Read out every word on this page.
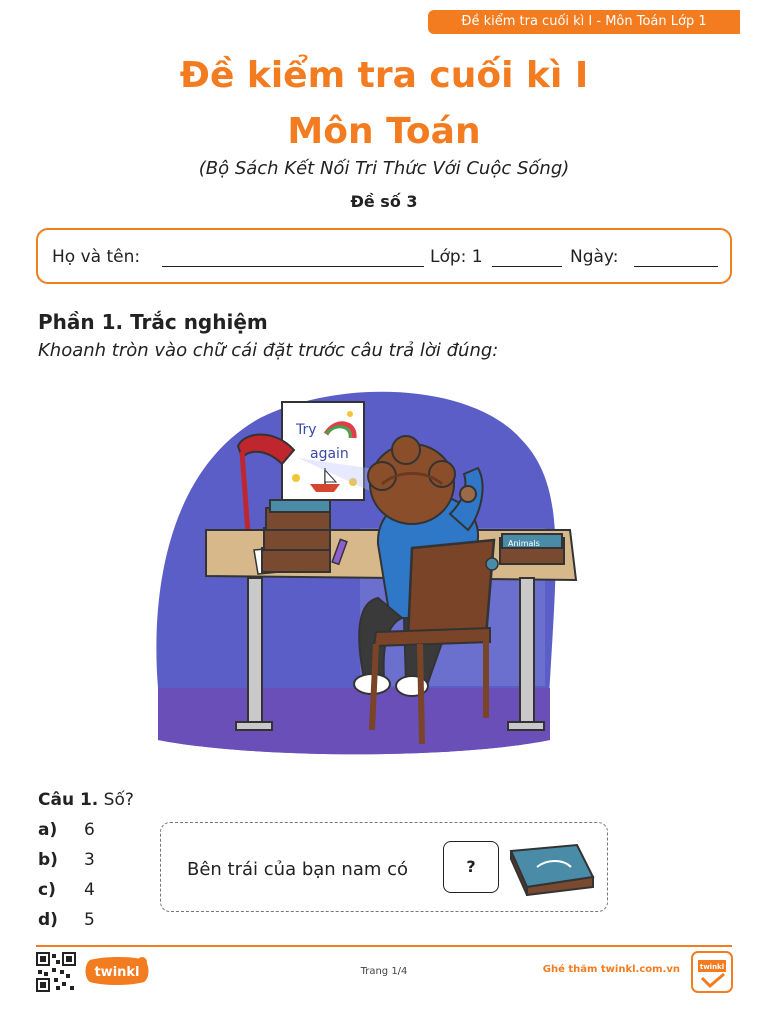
Đề kiểm tra cuối kì I - Môn Toán Lớp 1
Đề kiểm tra cuối kì I
Môn Toán
(Bộ Sách Kết Nối Tri Thức Với Cuộc Sống)
Đề số 3
Họ và tên:	Lớp: 1	Ngày:
Phần 1. Trắc nghiệm
Khoanh tròn vào chữ cái đặt trước câu trả lời đúng:
Try
again
Animals
Câu 1. Số?
a) 6
b) 3
c) 4
d) 5
Bên trái của bạn nam có	?
twinkl	Trang 1/4	Ghé thăm twinkl.com.vn	twinkl
